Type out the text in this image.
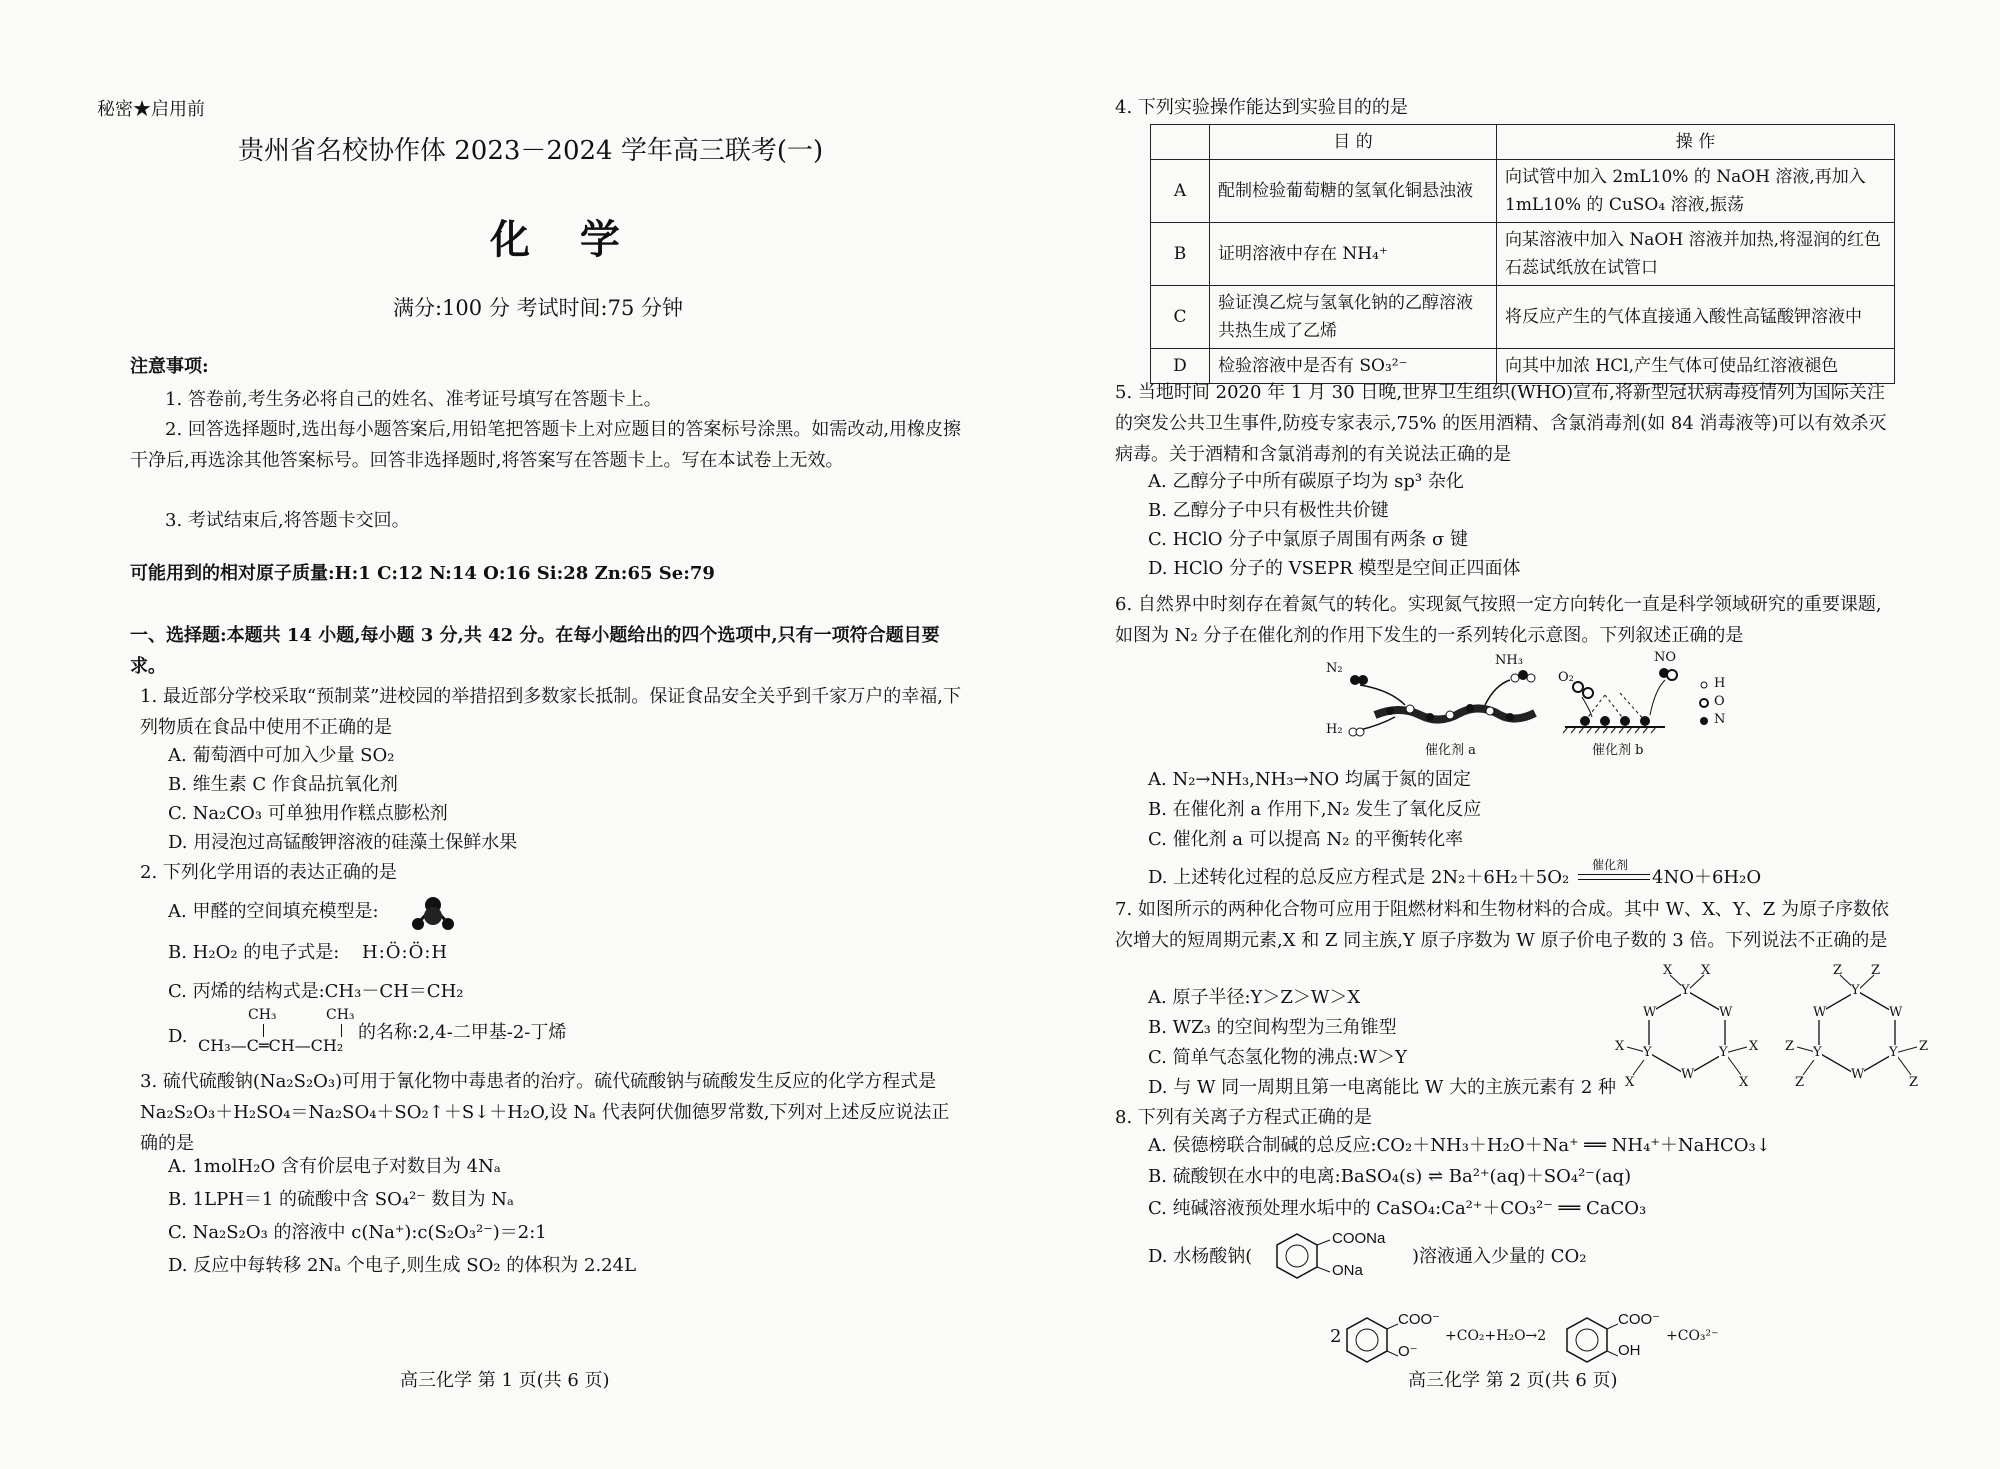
秘密★启用前
贵州省名校协作体 2023－2024 学年高三联考(一)
化 学
满分:100 分 考试时间:75 分钟
注意事项:
1. 答卷前,考生务必将自己的姓名、准考证号填写在答题卡上。
2. 回答选择题时,选出每小题答案后,用铅笔把答题卡上对应题目的答案标号涂黑。如需改动,用橡皮擦干净后,再选涂其他答案标号。回答非选择题时,将答案写在答题卡上。写在本试卷上无效。
3. 考试结束后,将答题卡交回。
可能用到的相对原子质量:H:1 C:12 N:14 O:16 Si:28 Zn:65 Se:79
一、选择题:本题共 14 小题,每小题 3 分,共 42 分。在每小题给出的四个选项中,只有一项符合题目要求。
1. 最近部分学校采取“预制菜”进校园的举措招到多数家长抵制。保证食品安全关乎到千家万户的幸福,下列物质在食品中使用不正确的是
A. 葡萄酒中可加入少量 SO₂
B. 维生素 C 作食品抗氧化剂
C. Na₂CO₃ 可单独用作糕点膨松剂
D. 用浸泡过高锰酸钾溶液的硅藻土保鲜水果
2. 下列化学用语的表达正确的是
A. 甲醛的空间填充模型是:
B. H₂O₂ 的电子式是: H:Ö:Ö:H
C. 丙烯的结构式是:CH₃－CH＝CH₂
D.
CH₃	CH₃
CH₃—C═CH—CH₂
的名称:2,4-二甲基-2-丁烯
3. 硫代硫酸钠(Na₂S₂O₃)可用于氰化物中毒患者的治疗。硫代硫酸钠与硫酸发生反应的化学方程式是 Na₂S₂O₃＋H₂SO₄＝Na₂SO₄＋SO₂↑＋S↓＋H₂O,设 Nₐ 代表阿伏伽德罗常数,下列对上述反应说法正确的是
A. 1molH₂O 含有价层电子对数目为 4Nₐ
B. 1LPH＝1 的硫酸中含 SO₄²⁻ 数目为 Nₐ
C. Na₂S₂O₃ 的溶液中 c(Na⁺):c(S₂O₃²⁻)＝2:1
D. 反应中每转移 2Nₐ 个电子,则生成 SO₂ 的体积为 2.24L
高三化学 第 1 页(共 6 页)
4. 下列实验操作能达到实验目的的是
	目 的	操 作
A	配制检验葡萄糖的氢氧化铜悬浊液	向试管中加入 2mL10% 的 NaOH 溶液,再加入 1mL10% 的 CuSO₄ 溶液,振荡
B	证明溶液中存在 NH₄⁺	向某溶液中加入 NaOH 溶液并加热,将湿润的红色石蕊试纸放在试管口
C	验证溴乙烷与氢氧化钠的乙醇溶液共热生成了乙烯	将反应产生的气体直接通入酸性高锰酸钾溶液中
D	检验溶液中是否有 SO₃²⁻	向其中加浓 HCl,产生气体可使品红溶液褪色
5. 当地时间 2020 年 1 月 30 日晚,世界卫生组织(WHO)宣布,将新型冠状病毒疫情列为国际关注的突发公共卫生事件,防疫专家表示,75% 的医用酒精、含氯消毒剂(如 84 消毒液等)可以有效杀灭病毒。关于酒精和含氯消毒剂的有关说法正确的是
A. 乙醇分子中所有碳原子均为 sp³ 杂化
B. 乙醇分子中只有极性共价键
C. HClO 分子中氯原子周围有两条 σ 键
D. HClO 分子的 VSEPR 模型是空间正四面体
6. 自然界中时刻存在着氮气的转化。实现氮气按照一定方向转化一直是科学领域研究的重要课题,如图为 N₂ 分子在催化剂的作用下发生的一系列转化示意图。下列叙述正确的是
N₂
NH₃
H₂
催化剂 a
O₂
NO
催化剂 b
H
O
N
A. N₂→NH₃,NH₃→NO 均属于氮的固定
B. 在催化剂 a 作用下,N₂ 发生了氧化反应
C. 催化剂 a 可以提高 N₂ 的平衡转化率
D. 上述转化过程的总反应方程式是 2N₂＋6H₂＋5O₂
催化剂
4NO＋6H₂O
7. 如图所示的两种化合物可应用于阻燃材料和生物材料的合成。其中 W、X、Y、Z 为原子序数依次增大的短周期元素,X 和 Z 同主族,Y 原子序数为 W 原子价电子数的 3 倍。下列说法不正确的是
A. 原子半径:Y＞Z＞W＞X
B. WZ₃ 的空间构型为三角锥型
C. 简单气态氢化物的沸点:W＞Y
D. 与 W 同一周期且第一电离能比 W 大的主族元素有 2 种
X X
Y
W
W
Y	Y
W
X	X
X	X
Z Z
Y
W
W
Y	Y
W
Z	Z
Z	Z
8. 下列有关离子方程式正确的是
A. 侯德榜联合制碱的总反应:CO₂＋NH₃＋H₂O＋Na⁺ ══ NH₄⁺＋NaHCO₃↓
B. 硫酸钡在水中的电离:BaSO₄(s) ⇌ Ba²⁺(aq)＋SO₄²⁻(aq)
C. 纯碱溶液预处理水垢中的 CaSO₄:Ca²⁺＋CO₃²⁻ ══ CaCO₃
D. 水杨酸钠(
COONa
ONa
)溶液通入少量的 CO₂
2
COO⁻
O⁻
+CO₂+H₂O→2
COO⁻
OH
+CO₃²⁻
高三化学 第 2 页(共 6 页)
